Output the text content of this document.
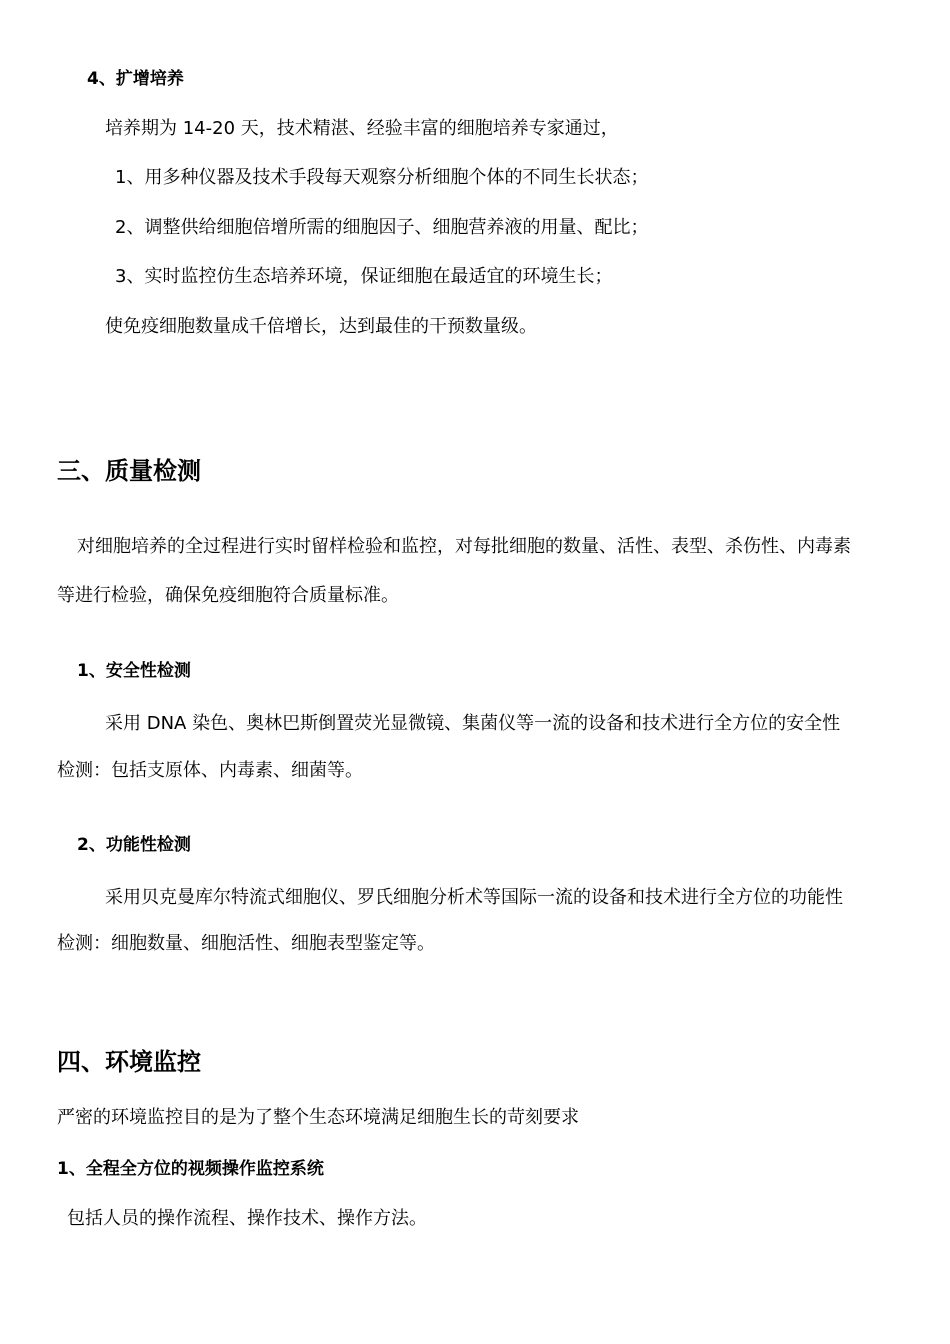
4、扩增培养
培养期为 14-20 天，技术精湛、经验丰富的细胞培养专家通过，
1、用多种仪器及技术手段每天观察分析细胞个体的不同生长状态；
2、调整供给细胞倍增所需的细胞因子、细胞营养液的用量、配比；
3、实时监控仿生态培养环境，保证细胞在最适宜的环境生长；
使免疫细胞数量成千倍增长，达到最佳的干预数量级。
三、质量检测
对细胞培养的全过程进行实时留样检验和监控，对每批细胞的数量、活性、表型、杀伤性、内毒素
等进行检验，确保免疫细胞符合质量标准。
1、安全性检测
采用 DNA 染色、奥林巴斯倒置荧光显微镜、集菌仪等一流的设备和技术进行全方位的安全性
检测：包括支原体、内毒素、细菌等。
2、功能性检测
采用贝克曼库尔特流式细胞仪、罗氏细胞分析术等国际一流的设备和技术进行全方位的功能性
检测：细胞数量、细胞活性、细胞表型鉴定等。
四、环境监控
严密的环境监控目的是为了整个生态环境满足细胞生长的苛刻要求
1、全程全方位的视频操作监控系统
包括人员的操作流程、操作技术、操作方法。
